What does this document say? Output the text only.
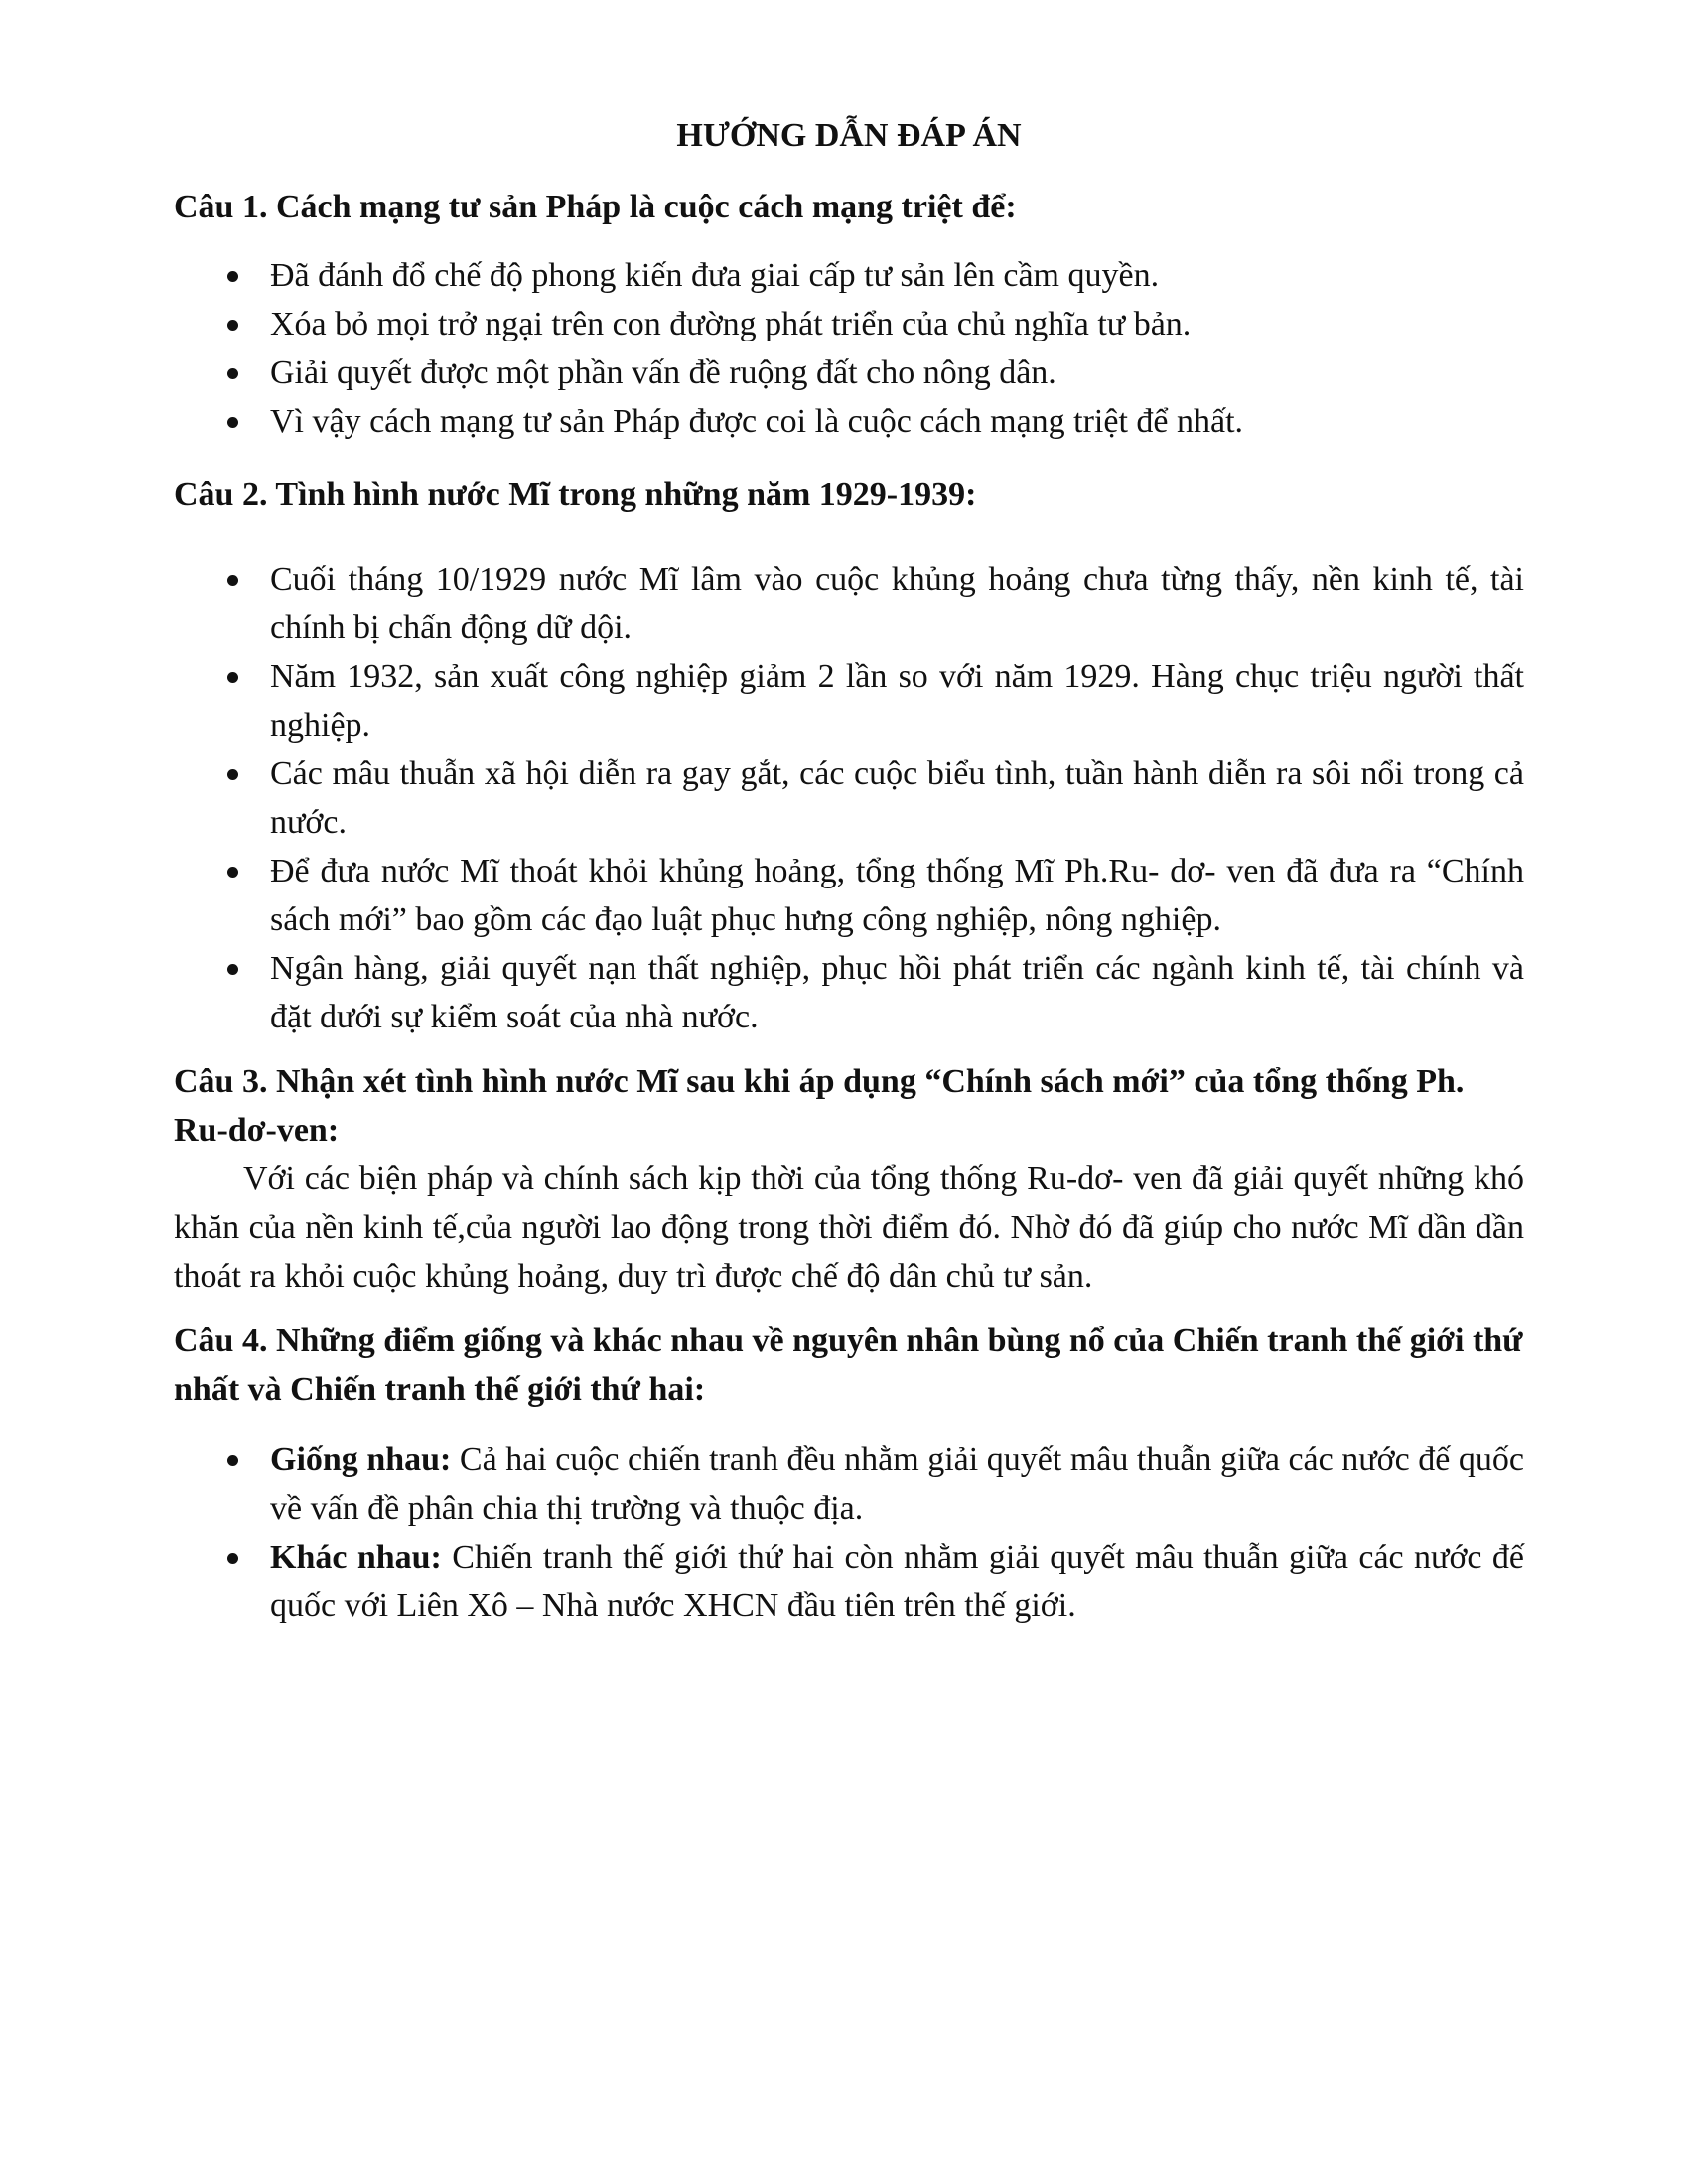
HƯỚNG DẪN ĐÁP ÁN
Câu 1. Cách mạng tư sản Pháp là cuộc cách mạng triệt để:
Đã đánh đổ chế độ phong kiến đưa giai cấp tư sản lên cầm quyền.
Xóa bỏ mọi trở ngại trên con đường phát triển của chủ nghĩa tư bản.
Giải quyết được một phần vấn đề ruộng đất cho nông dân.
Vì vậy cách mạng tư sản Pháp được coi là cuộc cách mạng triệt để nhất.
Câu 2. Tình hình nước Mĩ trong những năm 1929-1939:
Cuối tháng 10/1929 nước Mĩ lâm vào cuộc khủng hoảng chưa từng thấy, nền kinh tế, tài chính bị chấn động dữ dội.
Năm 1932, sản xuất công nghiệp giảm 2 lần so với năm 1929. Hàng chục triệu người thất nghiệp.
Các mâu thuẫn xã hội diễn ra gay gắt, các cuộc biểu tình, tuần hành diễn ra sôi nổi trong cả nước.
Để đưa nước Mĩ thoát khỏi khủng hoảng, tổng thống Mĩ Ph.Ru- dơ- ven đã đưa ra “Chính sách mới” bao gồm các đạo luật phục hưng công nghiệp, nông nghiệp.
Ngân hàng, giải quyết nạn thất nghiệp, phục hồi phát triển các ngành kinh tế, tài chính và đặt dưới sự kiểm soát của nhà nước.
Câu 3. Nhận xét tình hình nước Mĩ sau khi áp dụng “Chính sách mới” của tổng thống Ph. Ru-dơ-ven:

Với các biện pháp và chính sách kịp thời của tổng thống Ru-dơ- ven đã giải quyết những khó khăn của nền kinh tế,của người lao động trong thời điểm đó. Nhờ đó đã giúp cho nước Mĩ dần dần thoát ra khỏi cuộc khủng hoảng, duy trì được chế độ dân chủ tư sản.

Câu 4. Những điểm giống và khác nhau về nguyên nhân bùng nổ của Chiến tranh thế giới thứ nhất và Chiến tranh thế giới thứ hai:
Giống nhau: Cả hai cuộc chiến tranh đều nhằm giải quyết mâu thuẫn giữa các nước đế quốc về vấn đề phân chia thị trường và thuộc địa.
Khác nhau: Chiến tranh thế giới thứ hai còn nhằm giải quyết mâu thuẫn giữa các nước đế quốc với Liên Xô – Nhà nước XHCN đầu tiên trên thế giới.
